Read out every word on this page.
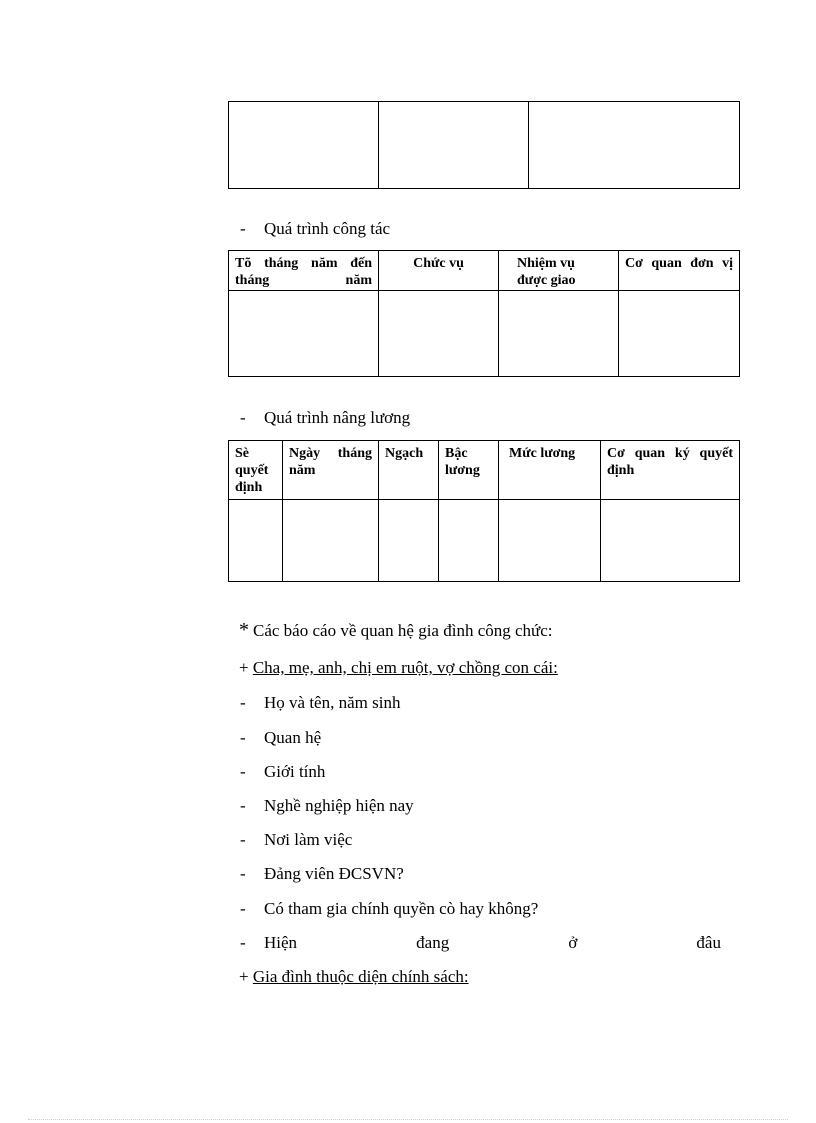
- Quá trình công tác
Tõ tháng năm đến tháng năm	Chức vụ	Nhiệm vụ được giao	Cơ quan đơn vị

- Quá trình nâng lương
Sè quyết định	Ngày tháng năm	Ngạch	Bậc lương	Mức lương	Cơ quan ký quyết định

* Các báo cáo về quan hệ gia đình công chức:
+ Cha, mẹ, anh, chị em ruột, vợ chồng con cái:
- Họ và tên, năm sinh
- Quan hệ
- Giới tính
- Nghề nghiệp hiện nay
- Nơi làm việc
- Đảng viên ĐCSVN?
- Có tham gia chính quyền cò hay không?
-	Hiện	đang	ở	đâu
+ Gia đình thuộc diện chính sách:
